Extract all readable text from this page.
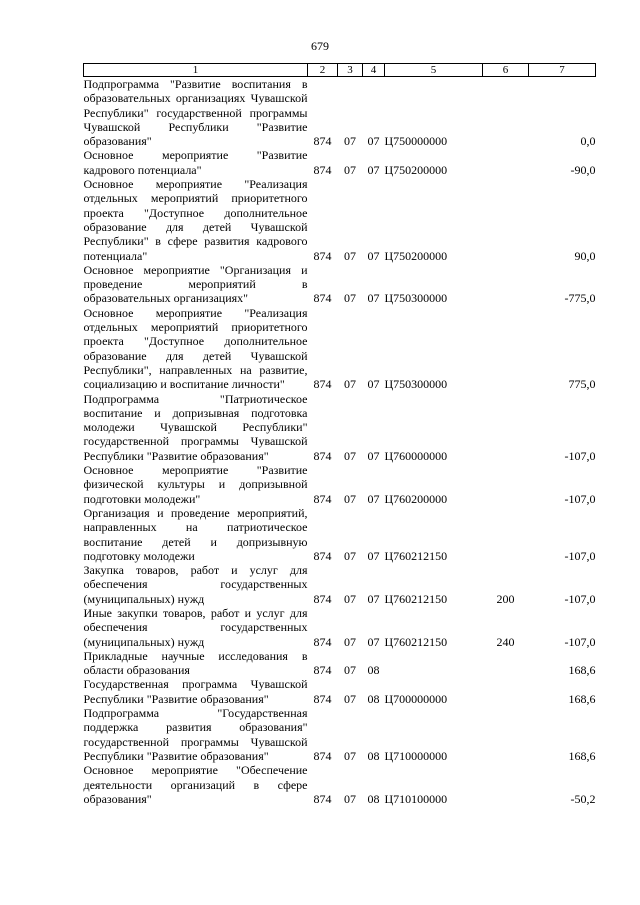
679
1	2	3	4	5	6	7
Подпрограмма "Развитие воспитания в образовательных организациях Чувашской Республики" государственной программы Чувашской Республики "Развитие образования"	874	07	07	Ц750000000		0,0
Основное мероприятие "Развитие кадрового потенциала"	874	07	07	Ц750200000		-90,0
Основное мероприятие "Реализация отдельных мероприятий приоритетного проекта "Доступное дополнительное образование для детей Чувашской Республики" в сфере развития кадрового потенциала"	874	07	07	Ц750200000		90,0
Основное мероприятие "Организация и проведение мероприятий в образовательных организациях"	874	07	07	Ц750300000		-775,0
Основное мероприятие "Реализация отдельных мероприятий приоритетного проекта "Доступное дополнительное образование для детей Чувашской Республики", направленных на развитие, социализацию и воспитание личности"	874	07	07	Ц750300000		775,0
Подпрограмма "Патриотическое воспитание и допризывная подготовка молодежи Чувашской Республики" государственной программы Чувашской Республики "Развитие образования"	874	07	07	Ц760000000		-107,0
Основное мероприятие "Развитие физической культуры и допризывной подготовки молодежи"	874	07	07	Ц760200000		-107,0
Организация и проведение мероприятий, направленных на патриотическое воспитание детей и допризывную подготовку молодежи	874	07	07	Ц760212150		-107,0
Закупка товаров, работ и услуг для обеспечения государственных (муниципальных) нужд	874	07	07	Ц760212150	200	-107,0
Иные закупки товаров, работ и услуг для обеспечения государственных (муниципальных) нужд	874	07	07	Ц760212150	240	-107,0
Прикладные научные исследования в области образования	874	07	08			168,6
Государственная программа Чувашской Республики "Развитие образования"	874	07	08	Ц700000000		168,6
Подпрограмма "Государственная поддержка развития образования" государственной программы Чувашской Республики "Развитие образования"	874	07	08	Ц710000000		168,6
Основное мероприятие "Обеспечение деятельности организаций в сфере образования"	874	07	08	Ц710100000		-50,2
